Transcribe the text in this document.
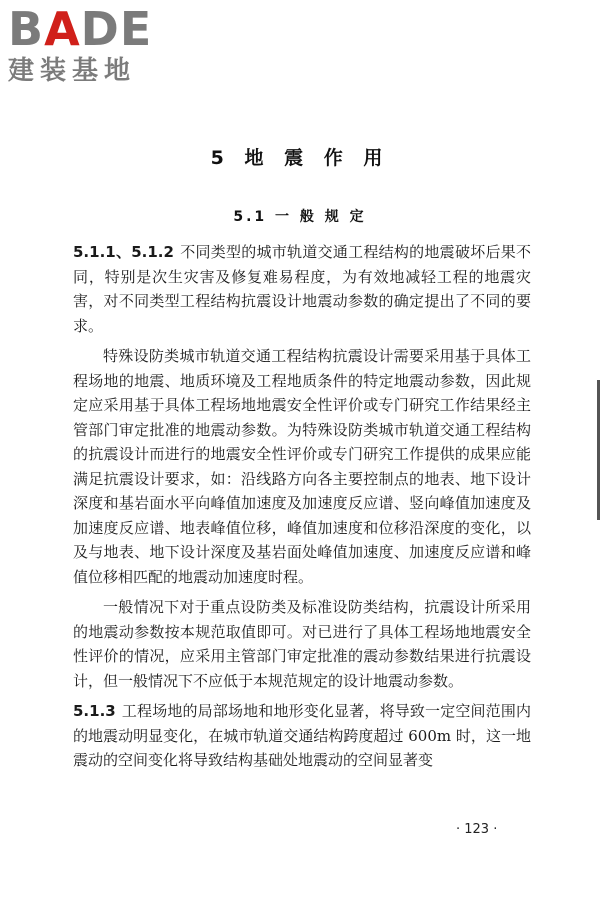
BADE
建装基地
5 地 震 作 用
5.1 一 般 规 定

5.1.1、5.1.2 不同类型的城市轨道交通工程结构的地震破坏后果不同，特别是次生灾害及修复难易程度，为有效地减轻工程的地震灾害，对不同类型工程结构抗震设计地震动参数的确定提出了不同的要求。

特殊设防类城市轨道交通工程结构抗震设计需要采用基于具体工程场地的地震、地质环境及工程地质条件的特定地震动参数，因此规定应采用基于具体工程场地地震安全性评价或专门研究工作结果经主管部门审定批准的地震动参数。为特殊设防类城市轨道交通工程结构的抗震设计而进行的地震安全性评价或专门研究工作提供的成果应能满足抗震设计要求，如：沿线路方向各主要控制点的地表、地下设计深度和基岩面水平向峰值加速度及加速度反应谱、竖向峰值加速度及加速度反应谱、地表峰值位移，峰值加速度和位移沿深度的变化，以及与地表、地下设计深度及基岩面处峰值加速度、加速度反应谱和峰值位移相匹配的地震动加速度时程。

一般情况下对于重点设防类及标准设防类结构，抗震设计所采用的地震动参数按本规范取值即可。对已进行了具体工程场地地震安全性评价的情况，应采用主管部门审定批准的震动参数结果进行抗震设计，但一般情况下不应低于本规范规定的设计地震动参数。

5.1.3 工程场地的局部场地和地形变化显著，将导致一定空间范围内的地震动明显变化，在城市轨道交通结构跨度超过 600m 时，这一地震动的空间变化将导致结构基础处地震动的空间显著变

· 123 ·
